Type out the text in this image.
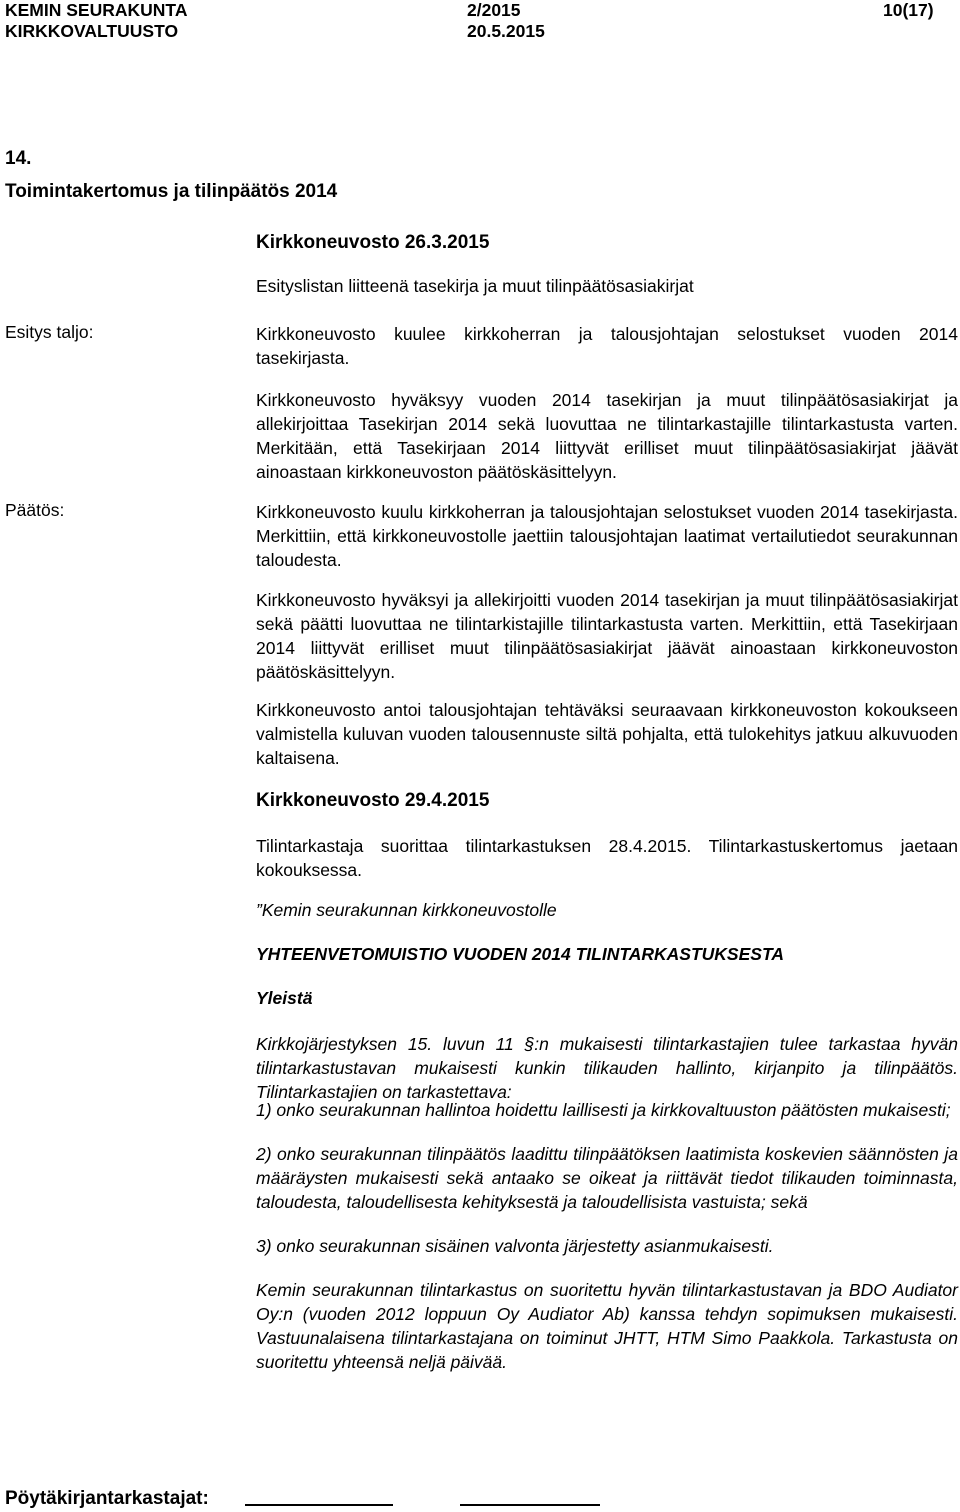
KEMIN SEURAKUNTA
KIRKKOVALTUUSTO
2/2015
20.5.2015
10(17)
14.
Toimintakertomus ja tilinpäätös 2014
Kirkkoneuvosto 26.3.2015
Esityslistan liitteenä tasekirja ja muut tilinpäätösasiakirjat
Esitys taljo:	Kirkkoneuvosto kuulee kirkkoherran ja talousjohtajan selostukset vuoden 2014 tasekirjasta.

Kirkkoneuvosto hyväksyy vuoden 2014 tasekirjan ja muut tilinpäätösasiakirjat ja allekirjoittaa Tasekirjan 2014 sekä luovuttaa ne tilintarkastajille tilintarkastusta varten. Merkitään, että Tasekirjaan 2014 liittyvät erilliset muut tilinpäätösasiakirjat jäävät ainoastaan kirkkoneuvoston päätöskäsittelyyn.

Päätös:	Kirkkoneuvosto kuulu kirkkoherran ja talousjohtajan selostukset vuoden 2014 tasekirjasta. Merkittiin, että kirkkoneuvostolle jaettiin talousjohtajan laatimat vertailutiedot seurakunnan taloudesta.

Kirkkoneuvosto hyväksyi ja allekirjoitti vuoden 2014 tasekirjan ja muut tilinpäätösasiakirjat sekä päätti luovuttaa ne tilintarkistajille tilintarkastusta varten. Merkittiin, että Tasekirjaan 2014 liittyvät erilliset muut tilinpäätösasiakirjat jäävät ainoastaan kirkkoneuvoston päätöskäsittelyyn.

Kirkkoneuvosto antoi talousjohtajan tehtäväksi seuraavaan kirkkoneuvoston kokoukseen valmistella kuluvan vuoden talousennuste siltä pohjalta, että tulokehitys jatkuu alkuvuoden kaltaisena.

Kirkkoneuvosto 29.4.2015

Tilintarkastaja suorittaa tilintarkastuksen 28.4.2015. Tilintarkastuskertomus jaetaan kokouksessa.

”Kemin seurakunnan kirkkoneuvostolle
YHTEENVETOMUISTIO VUODEN 2014 TILINTARKASTUKSESTA
Yleistä

Kirkkojärjestyksen 15. luvun 11 §:n mukaisesti tilintarkastajien tulee tarkastaa hyvän tilintarkastustavan mukaisesti kunkin tilikauden hallinto, kirjanpito ja tilinpäätös. Tilintarkastajien on tarkastettava:

1) onko seurakunnan hallintoa hoidettu laillisesti ja kirkkovaltuuston päätösten mukaisesti;

2) onko seurakunnan tilinpäätös laadittu tilinpäätöksen laatimista koskevien säännösten ja määräysten mukaisesti sekä antaako se oikeat ja riittävät tiedot tilikauden toiminnasta, taloudesta, taloudellisesta kehityksestä ja taloudellisista vastuista; sekä

3) onko seurakunnan sisäinen valvonta järjestetty asianmukaisesti.

Kemin seurakunnan tilintarkastus on suoritettu hyvän tilintarkastustavan ja BDO Audiator Oy:n (vuoden 2012 loppuun Oy Audiator Ab) kanssa tehdyn sopimuksen mukaisesti. Vastuunalaisena tilintarkastajana on toiminut JHTT, HTM Simo Paakkola. Tarkastusta on suoritettu yhteensä neljä päivää.

Pöytäkirjantarkastajat:
